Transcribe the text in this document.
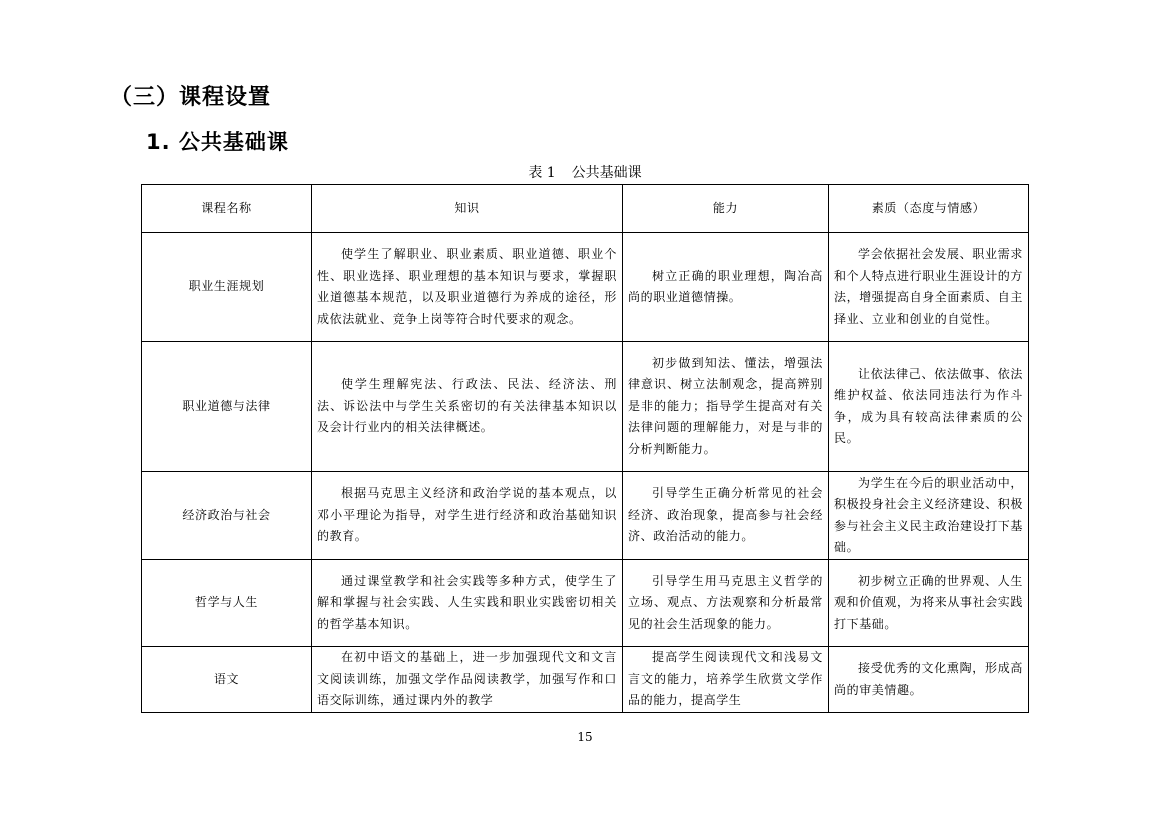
（三）课程设置
1. 公共基础课
表 1 公共基础课
课程名称	知识	能力	素质（态度与情感）
职业生涯规划	使学生了解职业、职业素质、职业道德、职业个性、职业选择、职业理想的基本知识与要求，掌握职业道德基本规范，以及职业道德行为养成的途径，形成依法就业、竞争上岗等符合时代要求的观念。	树立正确的职业理想，陶冶高尚的职业道德情操。	学会依据社会发展、职业需求和个人特点进行职业生涯设计的方法，增强提高自身全面素质、自主择业、立业和创业的自觉性。

职业道德与法律	使学生理解宪法、行政法、民法、经济法、刑法、诉讼法中与学生关系密切的有关法律基本知识以及会计行业内的相关法律概述。	初步做到知法、懂法，增强法律意识、树立法制观念，提高辨别是非的能力；指导学生提高对有关法律问题的理解能力，对是与非的分析判断能力。	让依法律己、依法做事、依法维护权益、依法同违法行为作斗争，成为具有较高法律素质的公民。

经济政治与社会	根据马克思主义经济和政治学说的基本观点，以邓小平理论为指导，对学生进行经济和政治基础知识的教育。	引导学生正确分析常见的社会经济、政治现象，提高参与社会经济、政治活动的能力。	为学生在今后的职业活动中，积极投身社会主义经济建设、积极参与社会主义民主政治建设打下基础。

哲学与人生	通过课堂教学和社会实践等多种方式，使学生了解和掌握与社会实践、人生实践和职业实践密切相关的哲学基本知识。	引导学生用马克思主义哲学的立场、观点、方法观察和分析最常见的社会生活现象的能力。	初步树立正确的世界观、人生观和价值观，为将来从事社会实践打下基础。

语文	在初中语文的基础上，进一步加强现代文和文言文阅读训练，加强文学作品阅读教学，加强写作和口语交际训练，通过课内外的教学	提高学生阅读现代文和浅易文言文的能力，培养学生欣赏文学作品的能力，提高学生	接受优秀的文化熏陶，形成高尚的审美情趣。
15
